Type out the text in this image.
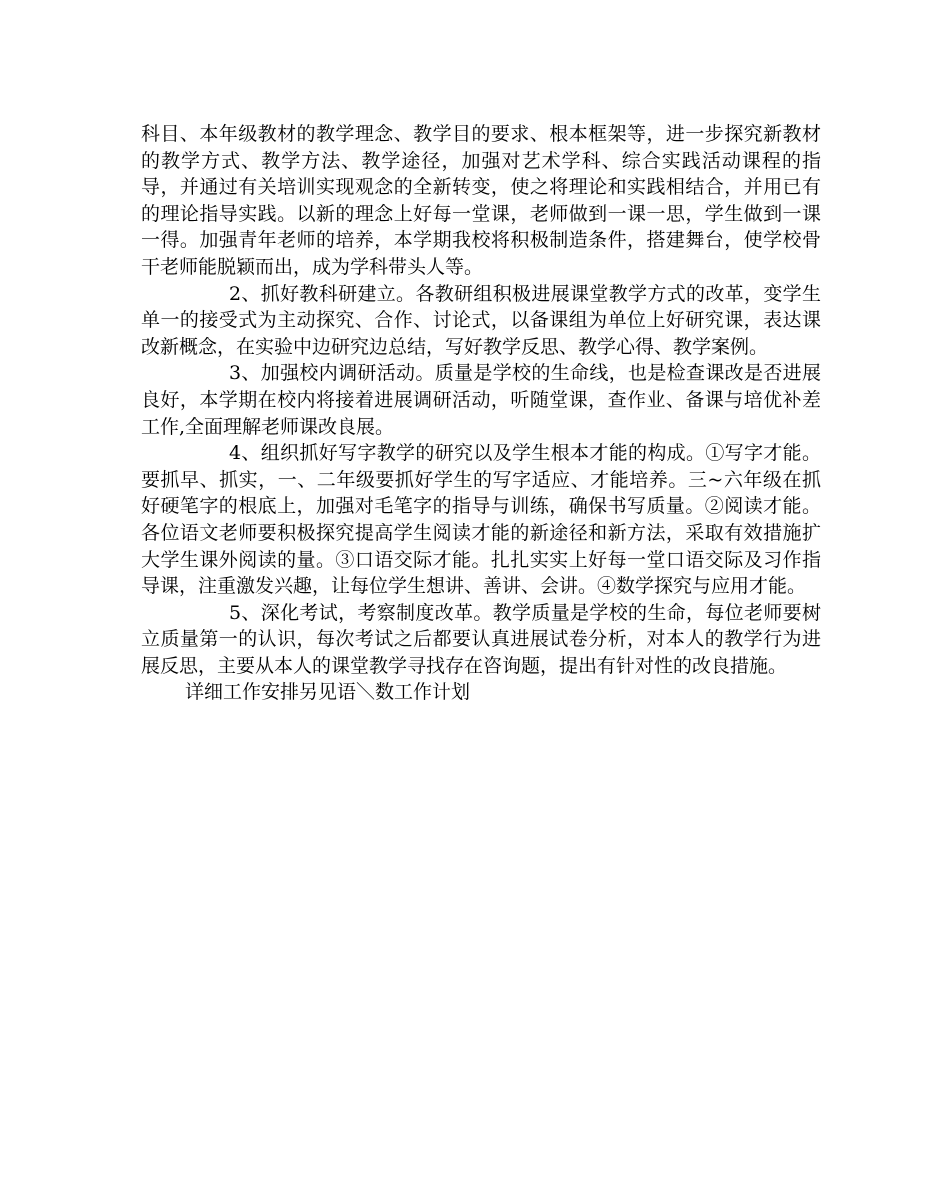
科目、本年级教材的教学理念、教学目的要求、根本框架等，进一步探究新教材的教学方式、教学方法、教学途径，加强对艺术学科、综合实践活动课程的指导，并通过有关培训实现观念的全新转变，使之将理论和实践相结合，并用已有的理论指导实践。以新的理念上好每一堂课，老师做到一课一思，学生做到一课一得。加强青年老师的培养，本学期我校将积极制造条件，搭建舞台，使学校骨干老师能脱颖而出，成为学科带头人等。

2、抓好教科研建立。各教研组积极进展课堂教学方式的改革，变学生单一的接受式为主动探究、合作、讨论式，以备课组为单位上好研究课，表达课改新概念，在实验中边研究边总结，写好教学反思、教学心得、教学案例。

3、加强校内调研活动。质量是学校的生命线，也是检查课改是否进展良好，本学期在校内将接着进展调研活动，听随堂课，查作业、备课与培优补差工作,全面理解老师课改良展。

4、组织抓好写字教学的研究以及学生根本才能的构成。①写字才能。要抓早、抓实，一、二年级要抓好学生的写字适应、才能培养。三~六年级在抓好硬笔字的根底上，加强对毛笔字的指导与训练，确保书写质量。②阅读才能。各位语文老师要积极探究提高学生阅读才能的新途径和新方法，采取有效措施扩大学生课外阅读的量。③口语交际才能。扎扎实实上好每一堂口语交际及习作指导课，注重激发兴趣，让每位学生想讲、善讲、会讲。④数学探究与应用才能。

5、深化考试，考察制度改革。教学质量是学校的生命，每位老师要树立质量第一的认识，每次考试之后都要认真进展试卷分析，对本人的教学行为进展反思，主要从本人的课堂教学寻找存在咨询题，提出有针对性的改良措施。

详细工作安排另见语＼数工作计划
